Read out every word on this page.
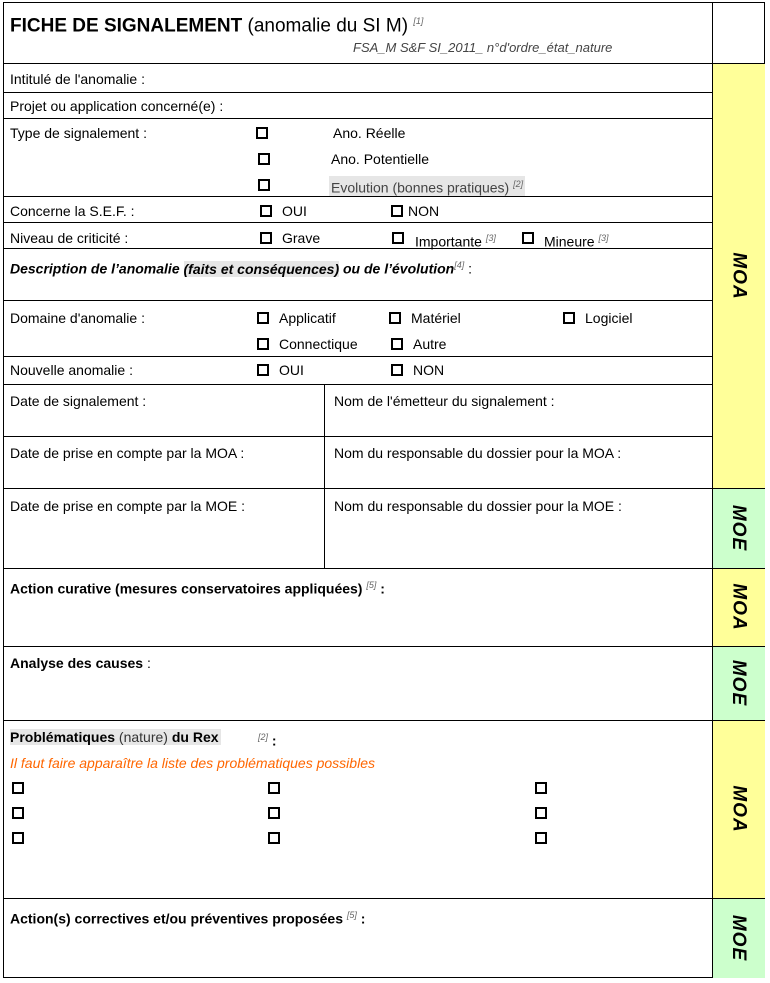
MOA
MOE
MOA
MOE
MOA
MOE
FICHE DE SIGNALEMENT (anomalie du SI M) [1]
FSA_M S&F SI_2011_ n°d'ordre_état_nature
Intitulé de l'anomalie :
Projet ou application concerné(e) :
Type de signalement :	Ano. Réelle
Ano. Potentielle
Evolution (bonnes pratiques) [2]
Concerne la S.E.F. :	OUI	NON
Niveau de criticité :	Grave	Importante [3]	Mineure [3]
Description de l’anomalie (faits et conséquences) ou de l’évolution[4] :
Domaine d'anomalie :	Applicatif	Matériel	Logiciel
Connectique	Autre
Nouvelle anomalie :	OUI	NON
Date de signalement :	Nom de l'émetteur du signalement :
Date de prise en compte par la MOA :	Nom du responsable du dossier pour la MOA :
Date de prise en compte par la MOE :	Nom du responsable du dossier pour la MOE :
Action curative (mesures conservatoires appliquées) [5] :
Analyse des causes :
Problématiques (nature) du Rex	[2] :
Il faut faire apparaître la liste des problématiques possibles
Action(s) correctives et/ou préventives proposées [5] :
